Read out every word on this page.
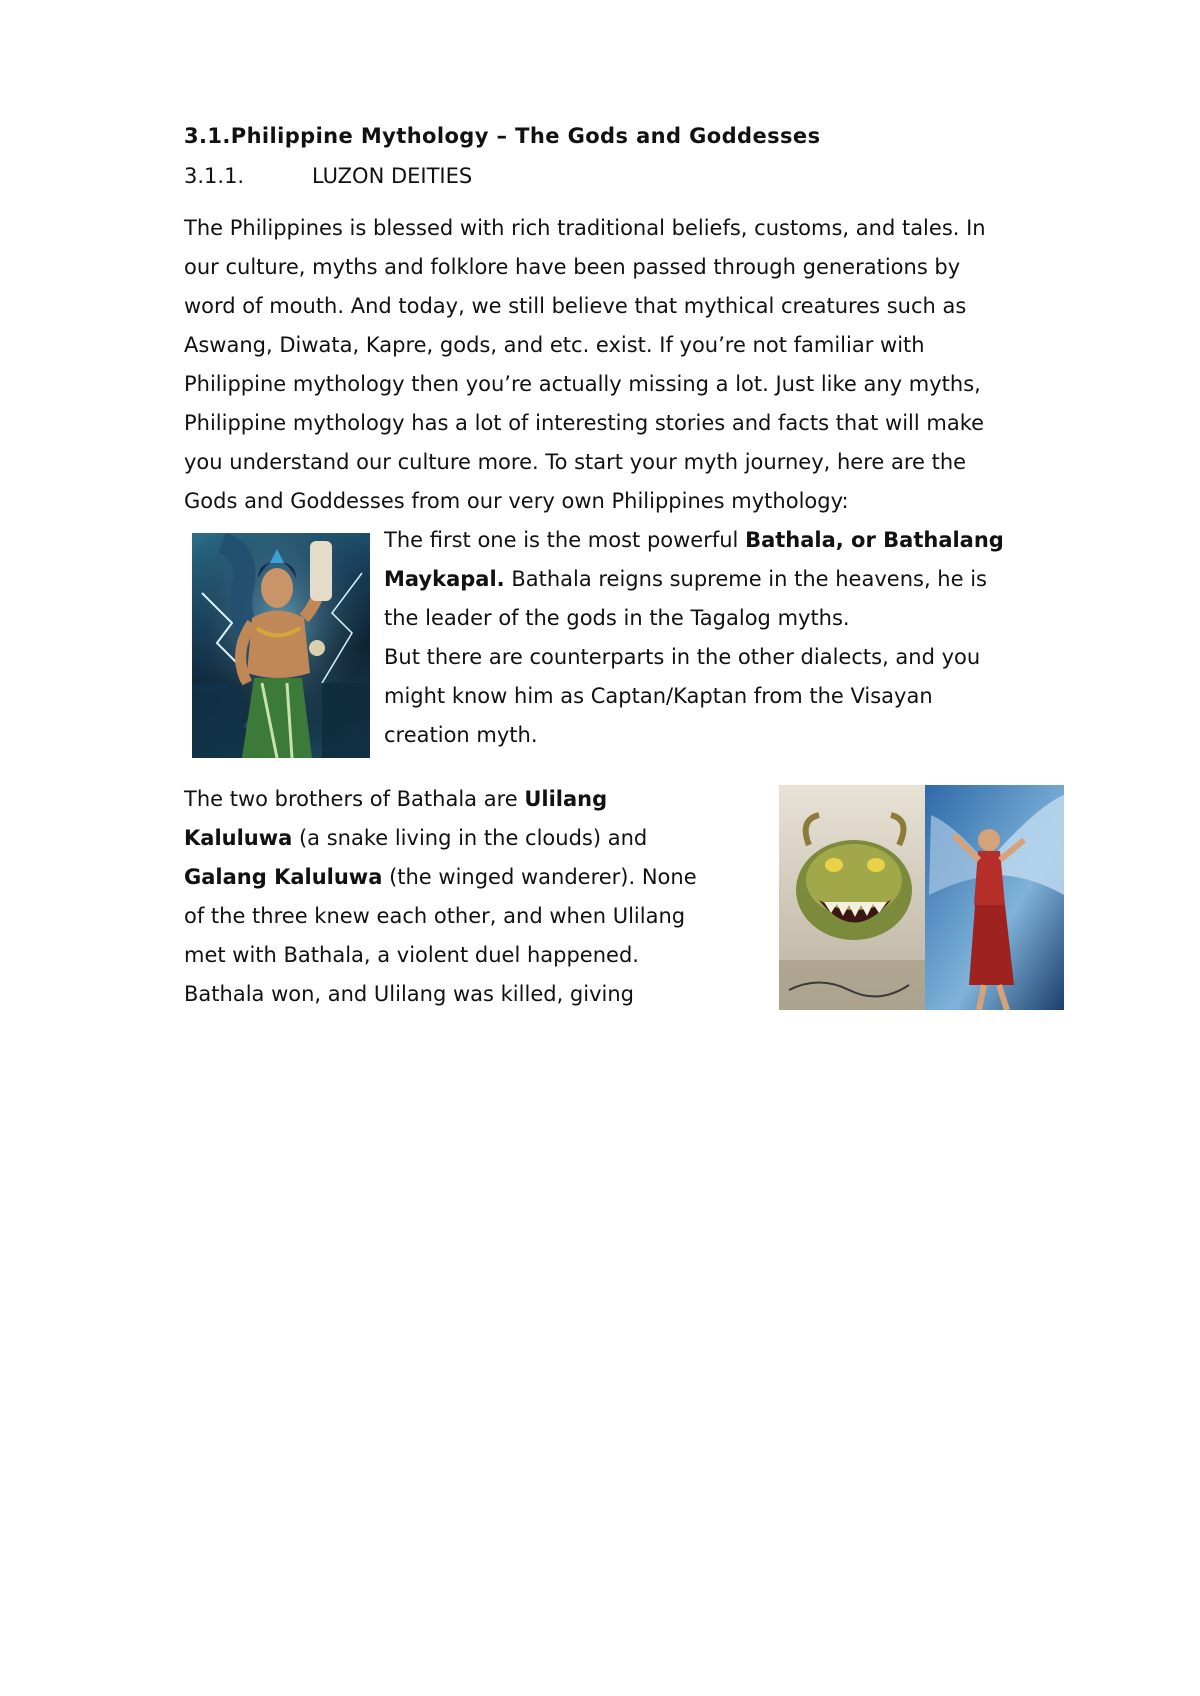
3.1.Philippine Mythology – The Gods and Goddesses
3.1.1.	LUZON DEITIES
The Philippines is blessed with rich traditional beliefs, customs, and tales. In
our culture, myths and folklore have been passed through generations by
word of mouth. And today, we still believe that mythical creatures such as
Aswang, Diwata, Kapre, gods, and etc. exist. If you’re not familiar with
Philippine mythology then you’re actually missing a lot. Just like any myths,
Philippine mythology has a lot of interesting stories and facts that will make
you understand our culture more. To start your myth journey, here are the
Gods and Goddesses from our very own Philippines mythology:
The first one is the most powerful Bathala, or Bathalang
Maykapal. Bathala reigns supreme in the heavens, he is
the leader of the gods in the Tagalog myths.
But there are counterparts in the other dialects, and you
might know him as Captan/Kaptan from the Visayan
creation myth.
The two brothers of Bathala are Ulilang
Kaluluwa (a snake living in the clouds) and
Galang Kaluluwa (the winged wanderer). None
of the three knew each other, and when Ulilang
met with Bathala, a violent duel happened.
Bathala won, and Ulilang was killed, giving
